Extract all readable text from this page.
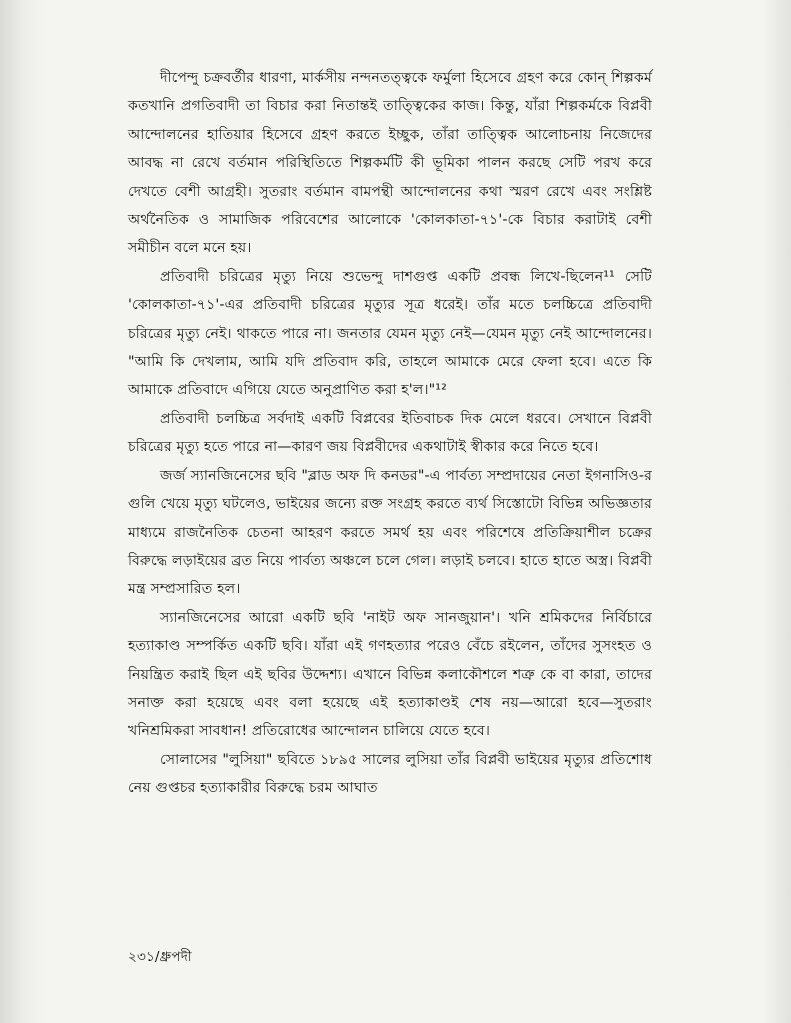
দীপেন্দু চক্রবর্তীর ধারণা, মার্কসীয় নন্দনতত্ত্বকে ফর্মুলা হিসেবে গ্রহণ করে কোন্ শিল্পকর্ম কতখানি প্রগতিবাদী তা বিচার করা নিতান্তই তাত্ত্বিকের কাজ। কিন্তু, যাঁরা শিল্পকর্মকে বিপ্লবী আন্দোলনের হাতিয়ার হিসেবে গ্রহণ করতে ইচ্ছুক, তাঁরা তাত্ত্বিক আলোচনায় নিজেদের আবদ্ধ না রেখে বর্তমান পরিস্থিতিতে শিল্পকর্মটি কী ভূমিকা পালন করছে সেটি পরখ করে দেখতে বেশী আগ্রহী। সুতরাং বর্তমান বামপন্থী আন্দোলনের কথা স্মরণ রেখে এবং সংশ্লিষ্ট অর্থনৈতিক ও সামাজিক পরিবেশের আলোকে 'কোলকাতা-৭১'-কে বিচার করাটাই বেশী সমীচীন বলে মনে হয়।

প্রতিবাদী চরিত্রের মৃত্যু নিয়ে শুভেন্দু দাশগুপ্ত একটি প্রবন্ধ লিখে-ছিলেন¹¹ সেটি 'কোলকাতা-৭১'-এর প্রতিবাদী চরিত্রের মৃত্যুর সূত্র ধরেই। তাঁর মতে চলচ্চিত্রে প্রতিবাদী চরিত্রের মৃত্যু নেই। থাকতে পারে না। জনতার যেমন মৃত্যু নেই—যেমন মৃত্যু নেই আন্দোলনের। "আমি কি দেখলাম, আমি যদি প্রতিবাদ করি, তাহলে আমাকে মেরে ফেলা হবে। এতে কি আমাকে প্রতিবাদে এগিয়ে যেতে অনুপ্রাণিত করা হ'ল।"¹²

প্রতিবাদী চলচ্চিত্র সর্বদাই একটি বিপ্লবের ইতিবাচক দিক মেলে ধরবে। সেখানে বিপ্লবী চরিত্রের মৃত্যু হতে পারে না—কারণ জয় বিপ্লবীদের একথাটাই স্বীকার করে নিতে হবে।

জর্জ স্যানজিনেসের ছবি "ব্লাড অফ দি কনডর"-এ পার্বত্য সম্প্রদায়ের নেতা ইগনাসিও-র গুলি খেয়ে মৃত্যু ঘটলেও, ভাইয়ের জন্যে রক্ত সংগ্রহ করতে ব্যর্থ সিস্তোটো বিভিন্ন অভিজ্ঞতার মাধ্যমে রাজনৈতিক চেতনা আহরণ করতে সমর্থ হয় এবং পরিশেষে প্রতিক্রিয়াশীল চক্রের বিরুদ্ধে লড়াইয়ের ব্রত নিয়ে পার্বত্য অঞ্চলে চলে গেল। লড়াই চলবে। হাতে হাতে অস্ত্র। বিপ্লবী মন্ত্র সম্প্রসারিত হল।

স্যানজিনেসের আরো একটি ছবি 'নাইট অফ সানজুয়ান'। খনি শ্রমিকদের নির্বিচারে হত্যাকাণ্ড সম্পর্কিত একটি ছবি। যাঁরা এই গণহত্যার পরেও বেঁচে রইলেন, তাঁদের সুসংহত ও নিয়ন্ত্রিত করাই ছিল এই ছবির উদ্দেশ্য। এখানে বিভিন্ন কলাকৌশলে শত্রু কে বা কারা, তাদের সনাক্ত করা হয়েছে এবং বলা হয়েছে এই হত্যাকাণ্ডই শেষ নয়—আরো হবে—সুতরাং খনিশ্রমিকরা সাবধান! প্রতিরোধের আন্দোলন চালিয়ে যেতে হবে।

সোলাসের "লুসিয়া" ছবিতে ১৮৯৫ সালের লুসিয়া তাঁর বিপ্লবী ভাইয়ের মৃত্যুর প্রতিশোধ নেয় গুপ্তচর হত্যাকারীর বিরুদ্ধে চরম আঘাত

২৩১/ধ্রুপদী
